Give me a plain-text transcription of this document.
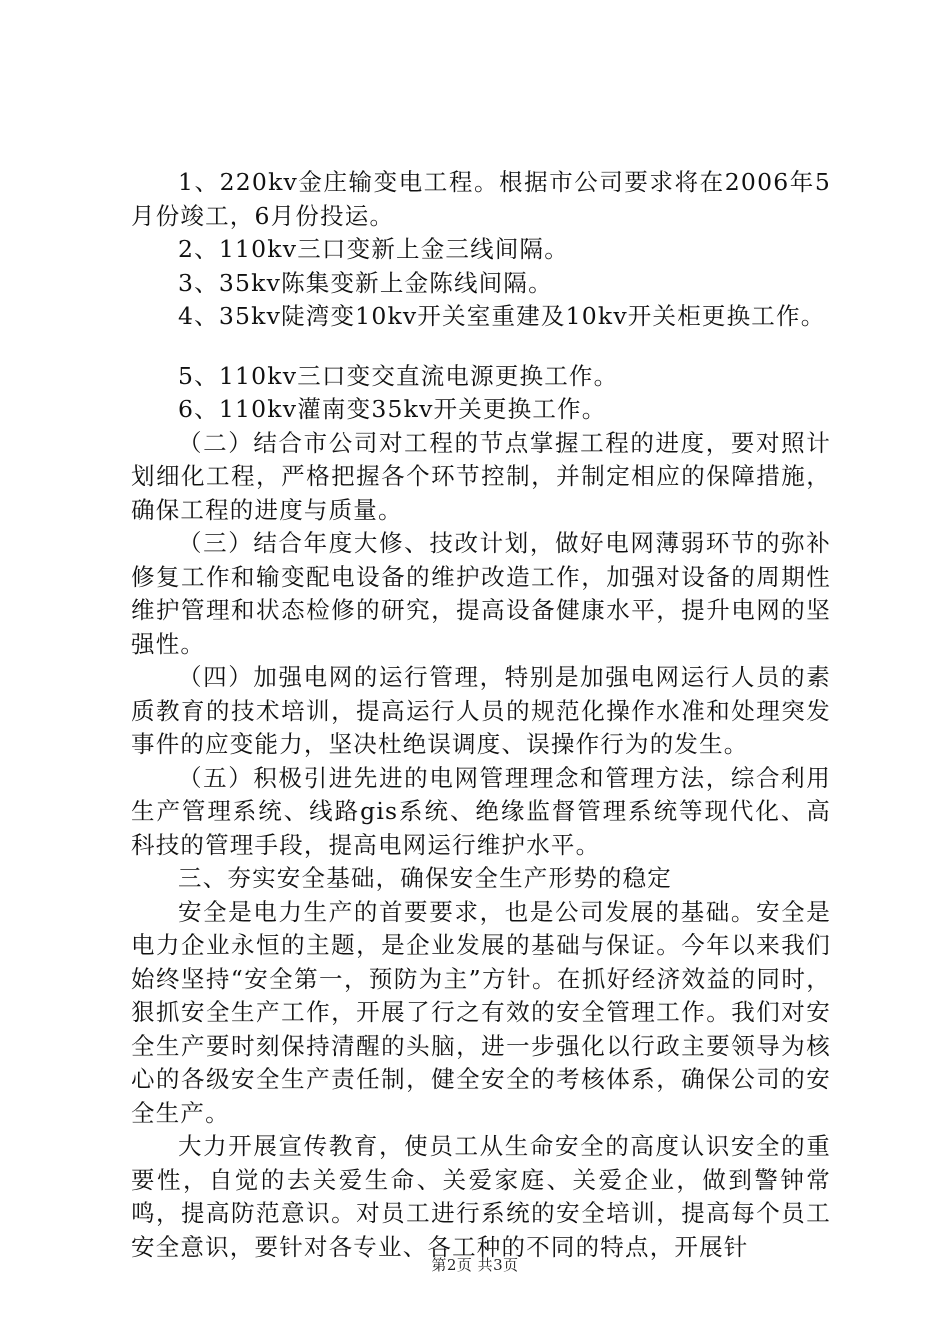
1、220kv金庄输变电工程。根据市公司要求将在2006年5月份竣工，6月份投运。

2、110kv三口变新上金三线间隔。

3、35kv陈集变新上金陈线间隔。

4、35kv陡湾变10kv开关室重建及10kv开关柜更换工作。

5、110kv三口变交直流电源更换工作。

6、110kv灌南变35kv开关更换工作。

（二）结合市公司对工程的节点掌握工程的进度，要对照计划细化工程，严格把握各个环节控制，并制定相应的保障措施，确保工程的进度与质量。

（三）结合年度大修、技改计划，做好电网薄弱环节的弥补修复工作和输变配电设备的维护改造工作，加强对设备的周期性维护管理和状态检修的研究，提高设备健康水平，提升电网的坚强性。

（四）加强电网的运行管理，特别是加强电网运行人员的素质教育的技术培训，提高运行人员的规范化操作水准和处理突发事件的应变能力，坚决杜绝误调度、误操作行为的发生。

（五）积极引进先进的电网管理理念和管理方法，综合利用生产管理系统、线路gis系统、绝缘监督管理系统等现代化、高科技的管理手段，提高电网运行维护水平。

三、夯实安全基础，确保安全生产形势的稳定

安全是电力生产的首要要求，也是公司发展的基础。安全是电力企业永恒的主题，是企业发展的基础与保证。今年以来我们始终坚持“安全第一，预防为主”方针。在抓好经济效益的同时，狠抓安全生产工作，开展了行之有效的安全管理工作。我们对安全生产要时刻保持清醒的头脑，进一步强化以行政主要领导为核心的各级安全生产责任制，健全安全的考核体系，确保公司的安全生产。

大力开展宣传教育，使员工从生命安全的高度认识安全的重要性，自觉的去关爱生命、关爱家庭、关爱企业，做到警钟常鸣，提高防范意识。对员工进行系统的安全培训，提高每个员工安全意识，要针对各专业、各工种的不同的特点，开展针

第2页 共3页
